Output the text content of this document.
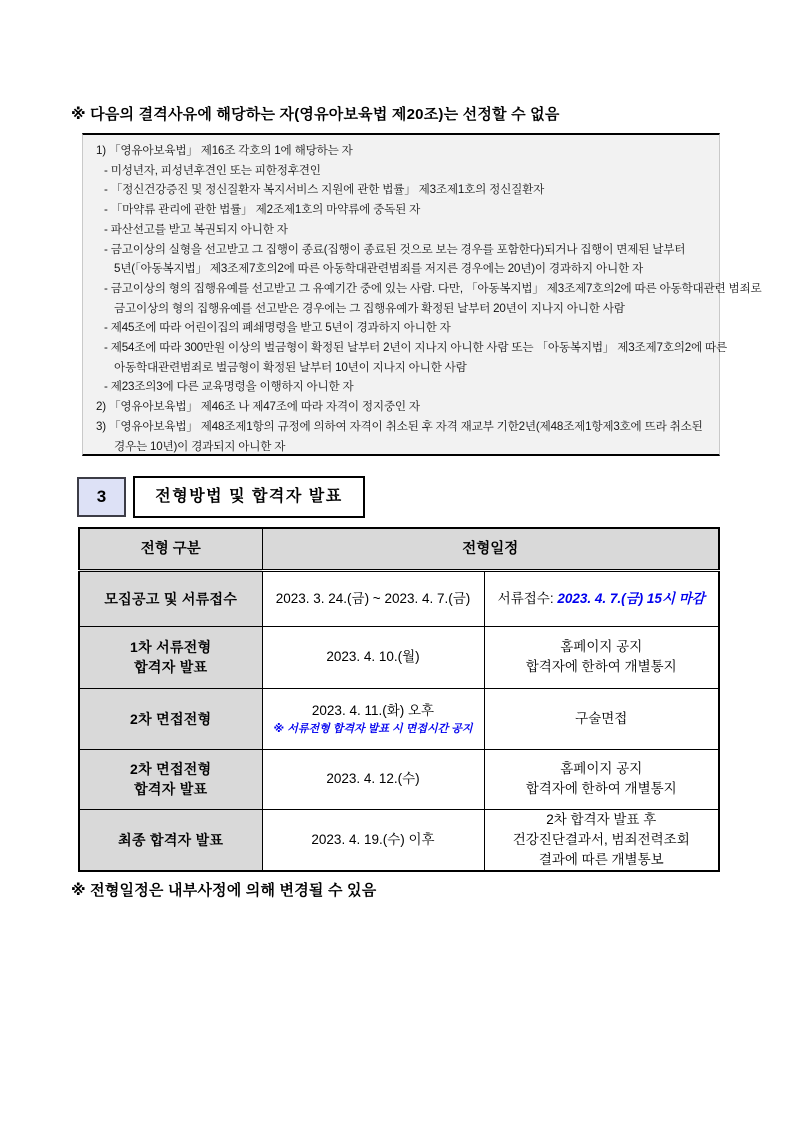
※ 다음의 결격사유에 해당하는 자(영유아보육법 제20조)는 선정할 수 없음
1) 「영유아보육법」 제16조 각호의 1에 해당하는 자
- 미성년자, 피성년후견인 또는 피한정후견인
- 「정신건강증진 및 정신질환자 복지서비스 지원에 관한 법률」 제3조제1호의 정신질환자
- 「마약류 관리에 관한 법률」 제2조제1호의 마약류에 중독된 자
- 파산선고를 받고 복권되지 아니한 자
- 금고이상의 실형을 선고받고 그 집행이 종료(집행이 종료된 것으로 보는 경우를 포함한다)되거나 집행이 면제된 날부터
5년(「아동복지법」 제3조제7호의2에 따른 아동학대관련범죄를 저지른 경우에는 20년)이 경과하지 아니한 자
- 금고이상의 형의 집행유예를 선고받고 그 유예기간 중에 있는 사람. 다만, 「아동복지법」 제3조제7호의2에 따른 아동학대관련 범죄로
금고이상의 형의 집행유예를 선고받은 경우에는 그 집행유예가 확정된 날부터 20년이 지나지 아니한 사람
- 제45조에 따라 어린이집의 폐쇄명령을 받고 5년이 경과하지 아니한 자
- 제54조에 따라 300만원 이상의 벌금형이 확정된 날부터 2년이 지나지 아니한 사람 또는 「아동복지법」 제3조제7호의2에 따른
아동학대관련범죄로 벌금형이 확정된 날부터 10년이 지나지 아니한 사람
- 제23조의3에 다른 교육명령을 이행하지 아니한 자
2) 「영유아보육법」 제46조 나 제47조에 따라 자격이 정지중인 자
3) 「영유아보육법」 제48조제1항의 규정에 의하여 자격이 취소된 후 자격 재교부 기한2년(제48조제1항제3호에 뜨라 취소된
경우는 10년)이 경과되지 아니한 자
3	전형방법 및 합격자 발표
전형 구분	전형일정	
모집공고 및 서류접수	2023. 3. 24.(금) ~ 2023. 4. 7.(금)	서류접수: 2023. 4. 7.(금) 15시 마감

1차 서류전형
합격자 발표
	2023. 4. 10.(월)	
홈페이지 공지
합격자에 한하여 개별통지

2차 면접전형	2023. 4. 11.(화) 오후
※ 서류전형 합격자 발표 시 면접시간 공지	구술면접

2차 면접전형
합격자 발표
	2023. 4. 12.(수)	
홈페이지 공지
합격자에 한하여 개별통지

최종 합격자 발표	2023. 4. 19.(수) 이후	2차 합격자 발표 후
건강진단결과서, 범죄전력조회
결과에 따른 개별통보
※ 전형일정은 내부사정에 의해 변경될 수 있음
